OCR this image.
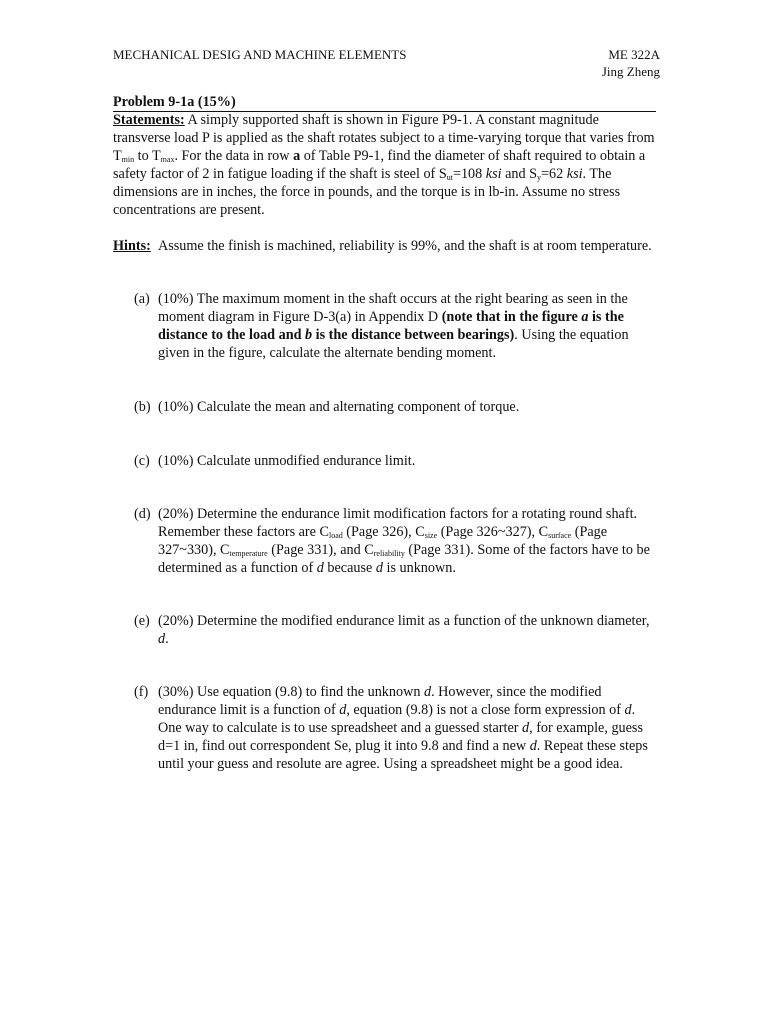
MECHANICAL DESIG AND MACHINE ELEMENTS	ME 322A
Jing Zheng
Problem 9-1a (15%)
Statements: A simply supported shaft is shown in Figure P9-1. A constant magnitude transverse load P is applied as the shaft rotates subject to a time-varying torque that varies from $T_{min}$ to $T_{max}$. For the data in row a of Table P9-1, find the diameter of shaft required to obtain a safety factor of 2 in fatigue loading if the shaft is steel of $S_{ut}=108$ ksi and $S_y=62$ ksi. The dimensions are in inches, the force in pounds, and the torque is in lb-in. Assume no stress concentrations are present.
Hints: Assume the finish is machined, reliability is 99%, and the shaft is at room temperature.
(a) (10%) The maximum moment in the shaft occurs at the right bearing as seen in the moment diagram in Figure D-3(a) in Appendix D (note that in the figure a is the distance to the load and b is the distance between bearings). Using the equation given in the figure, calculate the alternate bending moment.
(b) (10%) Calculate the mean and alternating component of torque.
(c) (10%) Calculate unmodified endurance limit.
(d) (20%) Determine the endurance limit modification factors for a rotating round shaft. Remember these factors are $C_{load}$ (Page 326), $C_{size}$ (Page 326~327), $C_{surface}$ (Page 327~330), $C_{temperature}$ (Page 331), and $C_{reliability}$ (Page 331). Some of the factors have to be determined as a function of d because d is unknown.
(e) (20%) Determine the modified endurance limit as a function of the unknown diameter, d.
(f) (30%) Use equation (9.8) to find the unknown d. However, since the modified endurance limit is a function of d, equation (9.8) is not a close form expression of d. One way to calculate is to use spreadsheet and a guessed starter d, for example, guess d=1 in, find out correspondent Se, plug it into 9.8 and find a new d. Repeat these steps until your guess and resolute are agree. Using a spreadsheet might be a good idea.
